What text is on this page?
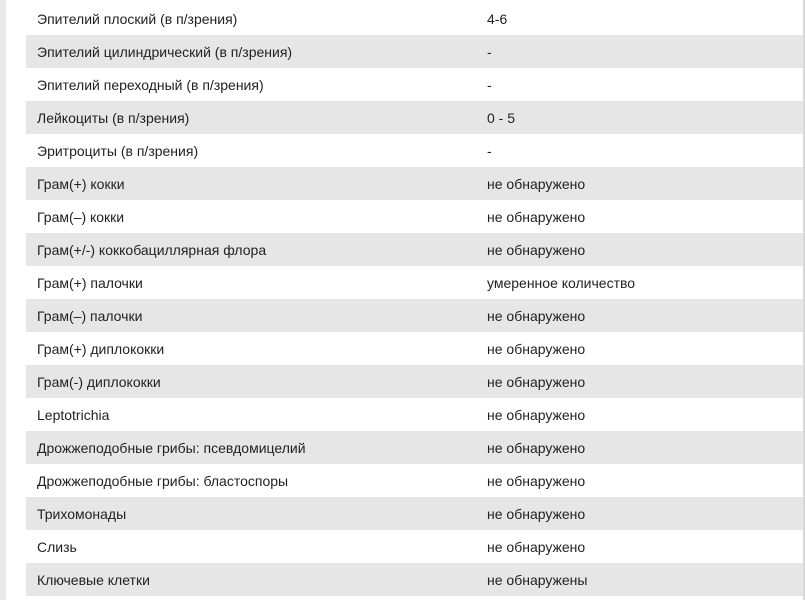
Эпителий плоский (в п/зрения)	4-6
Эпителий цилиндрический (в п/зрения)	-
Эпителий переходный (в п/зрения)	-
Лейкоциты (в п/зрения)	0 - 5
Эритроциты (в п/зрения)	-
Грам(+) кокки	не обнаружено
Грам(–) кокки	не обнаружено
Грам(+/-) коккобациллярная флора	не обнаружено
Грам(+) палочки	умеренное количество
Грам(–) палочки	не обнаружено
Грам(+) диплококки	не обнаружено
Грам(-) диплококки	не обнаружено
Leptotrichia	не обнаружено
Дрожжеподобные грибы: псевдомицелий	не обнаружено
Дрожжеподобные грибы: бластоспоры	не обнаружено
Трихомонады	не обнаружено
Слизь	не обнаружено
Ключевые клетки	не обнаружены
